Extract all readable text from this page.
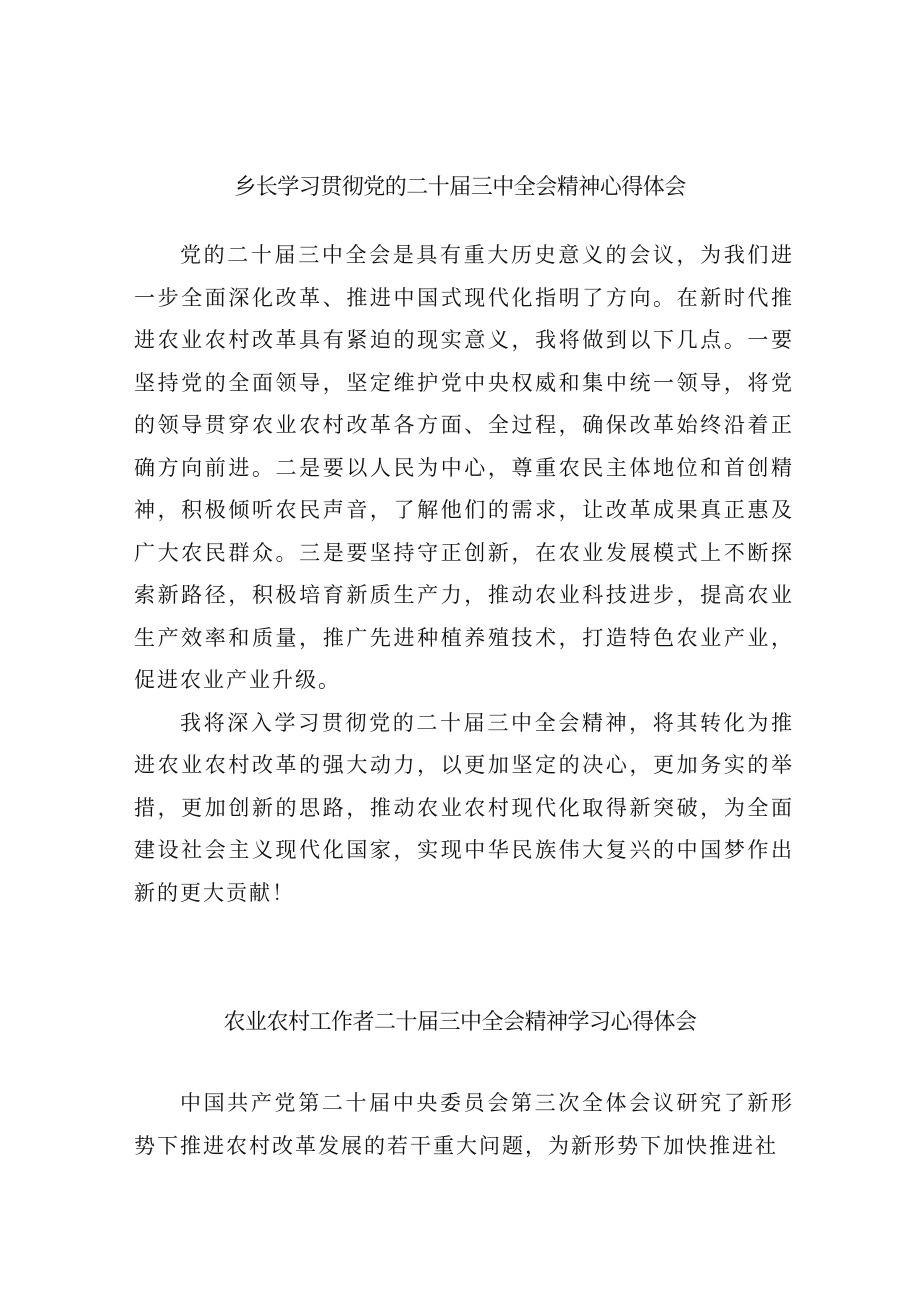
乡长学习贯彻党的二十届三中全会精神心得体会

党的二十届三中全会是具有重大历史意义的会议，为我们进一步全面深化改革、推进中国式现代化指明了方向。在新时代推进农业农村改革具有紧迫的现实意义，我将做到以下几点。一要坚持党的全面领导，坚定维护党中央权威和集中统一领导，将党的领导贯穿农业农村改革各方面、全过程，确保改革始终沿着正确方向前进。二是要以人民为中心，尊重农民主体地位和首创精神，积极倾听农民声音，了解他们的需求，让改革成果真正惠及广大农民群众。三是要坚持守正创新，在农业发展模式上不断探索新路径，积极培育新质生产力，推动农业科技进步，提高农业生产效率和质量，推广先进种植养殖技术，打造特色农业产业，促进农业产业升级。

我将深入学习贯彻党的二十届三中全会精神，将其转化为推进农业农村改革的强大动力，以更加坚定的决心，更加务实的举措，更加创新的思路，推动农业农村现代化取得新突破，为全面建设社会主义现代化国家，实现中华民族伟大复兴的中国梦作出新的更大贡献！

农业农村工作者二十届三中全会精神学习心得体会

中国共产党第二十届中央委员会第三次全体会议研究了新形势下推进农村改革发展的若干重大问题，为新形势下加快推进社
